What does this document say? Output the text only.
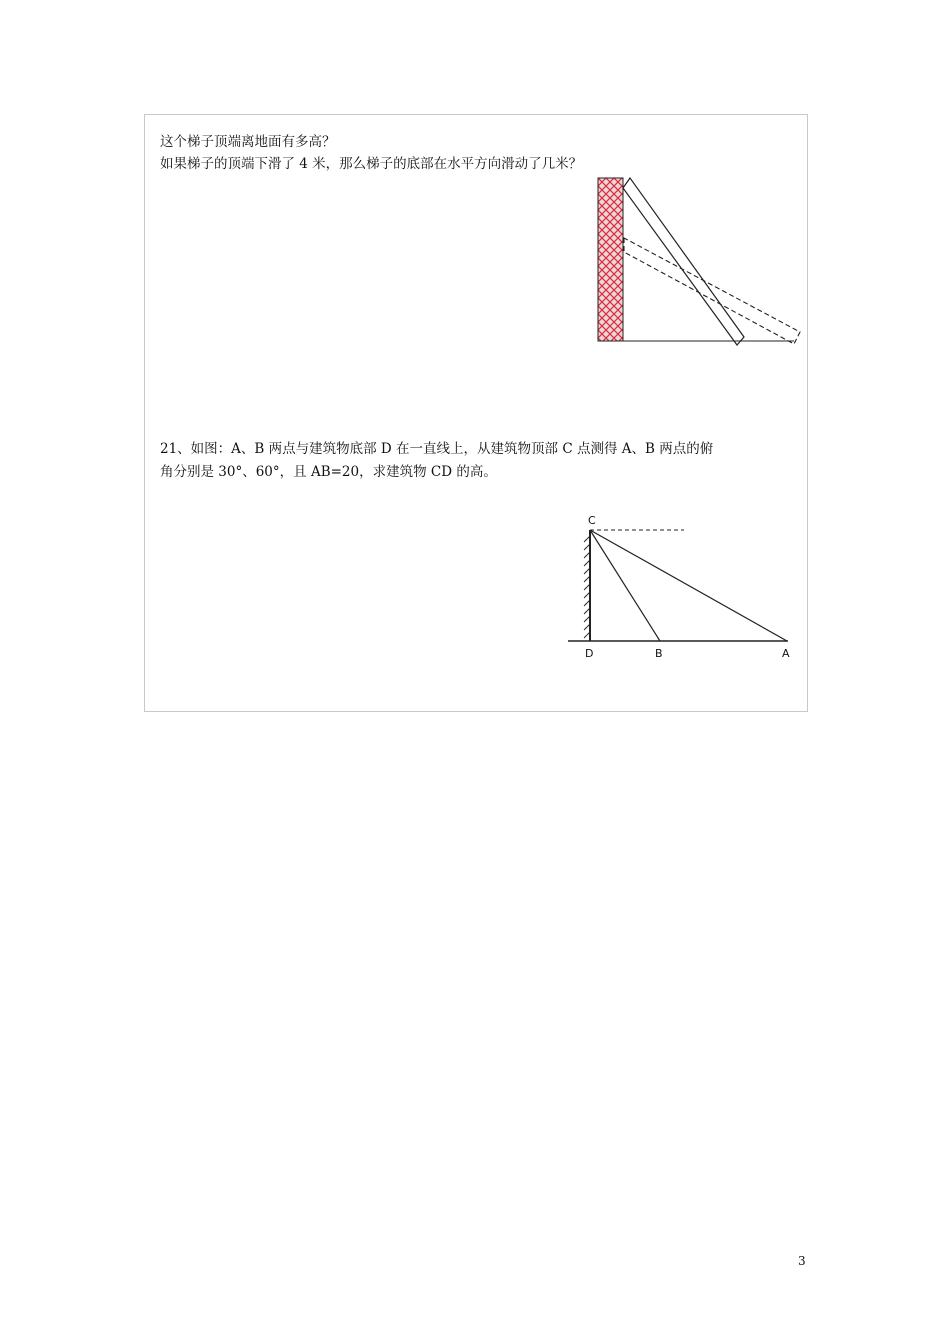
这个梯子顶端离地面有多高？
如果梯子的顶端下滑了 4 米，那么梯子的底部在水平方向滑动了几米？
21、如图：A、B 两点与建筑物底部 D 在一直线上，从建筑物顶部 C 点测得 A、B 两点的俯
角分别是 30°、60°，且 AB=20，求建筑物 CD 的高。
C
D	B	A
3
